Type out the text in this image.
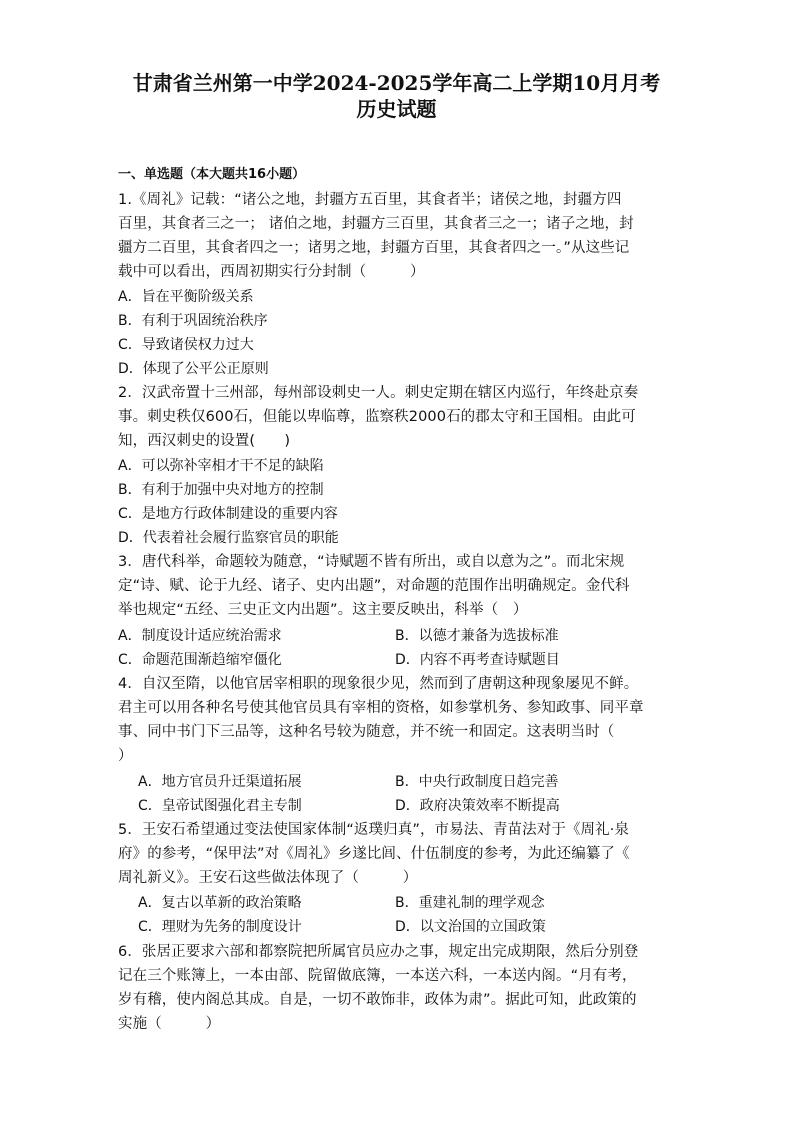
甘肃省兰州第一中学2024-2025学年高二上学期10月月考
历史试题
一、单选题（本大题共16小题）
1.《周礼》记载：“诸公之地，封疆方五百里，其食者半；诸侯之地，封疆方四
百里，其食者三之一； 诸伯之地，封疆方三百里，其食者三之一；诸子之地，封
疆方二百里，其食者四之一；诸男之地，封疆方百里，其食者四之一。”从这些记
载中可以看出，西周初期实行分封制（　　　）
A．旨在平衡阶级关系
B．有利于巩固统治秩序
C．导致诸侯权力过大
D．体现了公平公正原则
2．汉武帝置十三州部，每州部设刺史一人。刺史定期在辖区内巡行，年终赴京奏
事。刺史秩仅600石，但能以卑临尊，监察秩2000石的郡太守和王国相。由此可
知，西汉刺史的设置(　　)
A．可以弥补宰相才干不足的缺陷
B．有利于加强中央对地方的控制
C．是地方行政体制建设的重要内容
D．代表着社会履行监察官员的职能
3．唐代科举，命题较为随意，“诗赋题不皆有所出，或自以意为之”。而北宋规
定“诗、赋、论于九经、诸子、史内出题”，对命题的范围作出明确规定。金代科
举也规定“五经、三史正文内出题”。这主要反映出，科举（　）
A．制度设计适应统治需求	B．以德才兼备为选拔标准
C．命题范围渐趋缩窄僵化	D．内容不再考查诗赋题目
4．自汉至隋，以他官居宰相职的现象很少见，然而到了唐朝这种现象屡见不鲜。
君主可以用各种名号使其他官员具有宰相的资格，如参掌机务、参知政事、同平章
事、同中书门下三品等，这种名号较为随意，并不统一和固定。这表明当时（
）
A．地方官员升迁渠道拓展	B．中央行政制度日趋完善
C．皇帝试图强化君主专制	D．政府决策效率不断提高
5．王安石希望通过变法使国家体制“返璞归真”，市易法、青苗法对于《周礼·泉
府》的参考，“保甲法”对《周礼》乡遂比闾、什伍制度的参考，为此还编纂了《
周礼新义》。王安石这些做法体现了（　　　）
A．复古以革新的政治策略	B．重建礼制的理学观念
C．理财为先务的制度设计	D．以文治国的立国政策
6．张居正要求六部和都察院把所属官员应办之事，规定出完成期限，然后分别登
记在三个账簿上，一本由部、院留做底簿，一本送六科，一本送内阁。“月有考，
岁有稽，使内阁总其成。自是，一切不敢饰非，政体为肃”。据此可知，此政策的
实施（　　　）
